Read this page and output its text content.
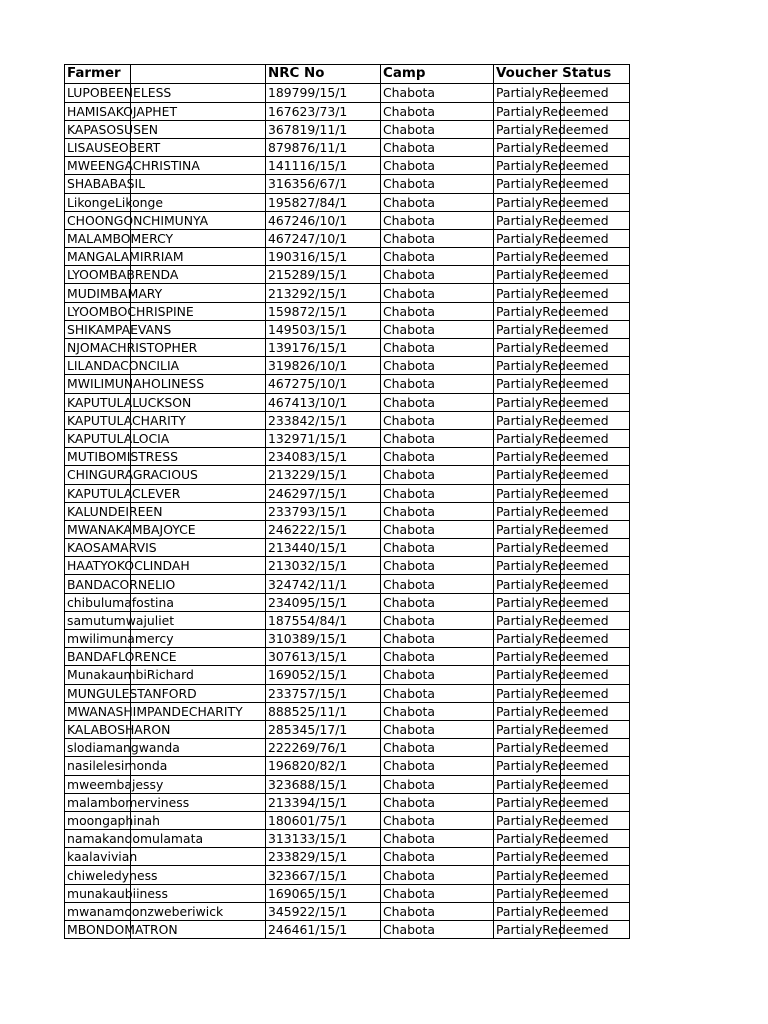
Farmer	NRC No	Camp	Voucher Status
LUPOBEENELESS	189799/15/1	Chabota	PartialyRedeemed
HAMISAKOJAPHET	167623/73/1	Chabota	PartialyRedeemed
KAPASOSUSEN	367819/11/1	Chabota	PartialyRedeemed
LISAUSEOBERT	879876/11/1	Chabota	PartialyRedeemed
MWEENGACHRISTINA	141116/15/1	Chabota	PartialyRedeemed
SHABABASIL	316356/67/1	Chabota	PartialyRedeemed
LikongeLikonge	195827/84/1	Chabota	PartialyRedeemed
CHOONGONCHIMUNYA	467246/10/1	Chabota	PartialyRedeemed
MALAMBOMERCY	467247/10/1	Chabota	PartialyRedeemed
MANGALAMIRRIAM	190316/15/1	Chabota	PartialyRedeemed
LYOOMBABRENDA	215289/15/1	Chabota	PartialyRedeemed
MUDIMBAMARY	213292/15/1	Chabota	PartialyRedeemed
LYOOMBOCHRISPINE	159872/15/1	Chabota	PartialyRedeemed
SHIKAMPAEVANS	149503/15/1	Chabota	PartialyRedeemed
NJOMACHRISTOPHER	139176/15/1	Chabota	PartialyRedeemed
LILANDACONCILIA	319826/10/1	Chabota	PartialyRedeemed
MWILIMUNAHOLINESS	467275/10/1	Chabota	PartialyRedeemed
KAPUTULALUCKSON	467413/10/1	Chabota	PartialyRedeemed
KAPUTULACHARITY	233842/15/1	Chabota	PartialyRedeemed
KAPUTULALOCIA	132971/15/1	Chabota	PartialyRedeemed
MUTIBOMISTRESS	234083/15/1	Chabota	PartialyRedeemed
CHINGURAGRACIOUS	213229/15/1	Chabota	PartialyRedeemed
KAPUTULACLEVER	246297/15/1	Chabota	PartialyRedeemed
KALUNDEIREEN	233793/15/1	Chabota	PartialyRedeemed
MWANAKAMBAJOYCE	246222/15/1	Chabota	PartialyRedeemed
KAOSAMARVIS	213440/15/1	Chabota	PartialyRedeemed
HAATYOKOCLINDAH	213032/15/1	Chabota	PartialyRedeemed
BANDACORNELIO	324742/11/1	Chabota	PartialyRedeemed
chibulumafostina	234095/15/1	Chabota	PartialyRedeemed
samutumwajuliet	187554/84/1	Chabota	PartialyRedeemed
mwilimunamercy	310389/15/1	Chabota	PartialyRedeemed
BANDAFLORENCE	307613/15/1	Chabota	PartialyRedeemed
MunakaumbiRichard	169052/15/1	Chabota	PartialyRedeemed
MUNGULESTANFORD	233757/15/1	Chabota	PartialyRedeemed
MWANASHIMPANDECHARITY	888525/11/1	Chabota	PartialyRedeemed
KALABOSHARON	285345/17/1	Chabota	PartialyRedeemed
slodiamangwanda	222269/76/1	Chabota	PartialyRedeemed
nasilelesimonda	196820/82/1	Chabota	PartialyRedeemed
mweembajessy	323688/15/1	Chabota	PartialyRedeemed
malambomerviness	213394/15/1	Chabota	PartialyRedeemed
moongaphinah	180601/75/1	Chabota	PartialyRedeemed
namakandomulamata	313133/15/1	Chabota	PartialyRedeemed
kaalavivian	233829/15/1	Chabota	PartialyRedeemed
chiweledyness	323667/15/1	Chabota	PartialyRedeemed
munakaubiiness	169065/15/1	Chabota	PartialyRedeemed
mwanamoonzweberiwick	345922/15/1	Chabota	PartialyRedeemed
MBONDOMATRON	246461/15/1	Chabota	PartialyRedeemed
